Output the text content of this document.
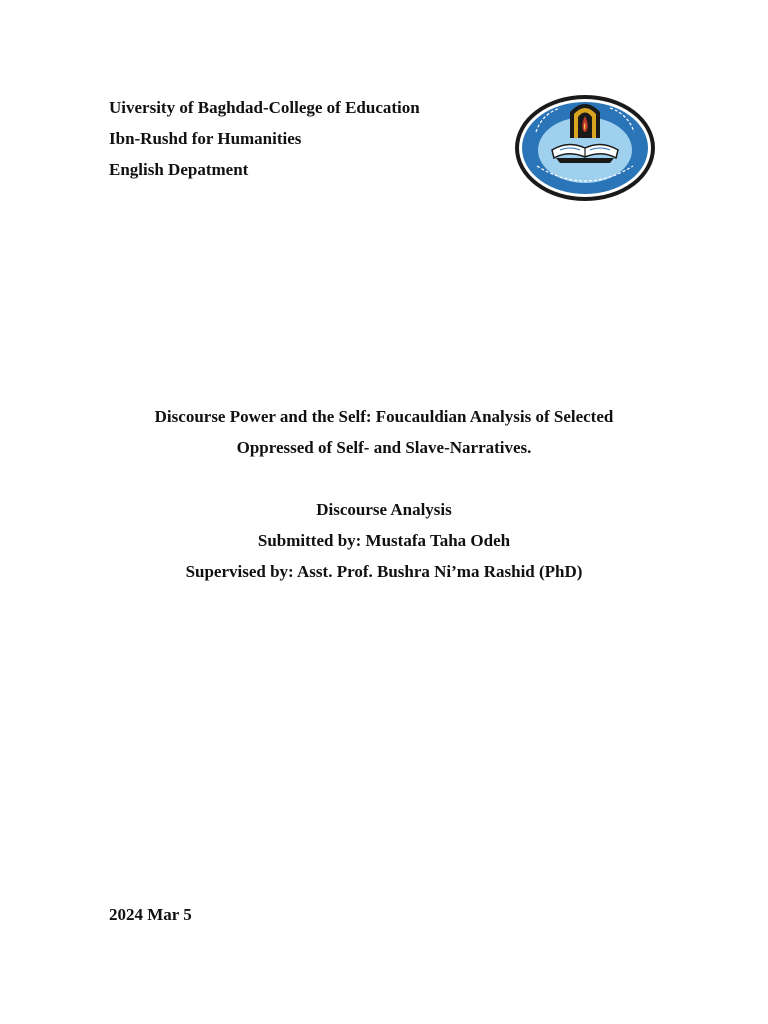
Uiversity of Baghdad-College of Education
Ibn-Rushd for Humanities
English Depatment
Discourse Power and the Self: Foucauldian Analysis of Selected
Oppressed of Self- and Slave-Narratives.
Discourse Analysis
Submitted by: Mustafa Taha Odeh
Supervised by: Asst. Prof. Bushra Ni’ma Rashid (PhD)
2024 Mar 5
